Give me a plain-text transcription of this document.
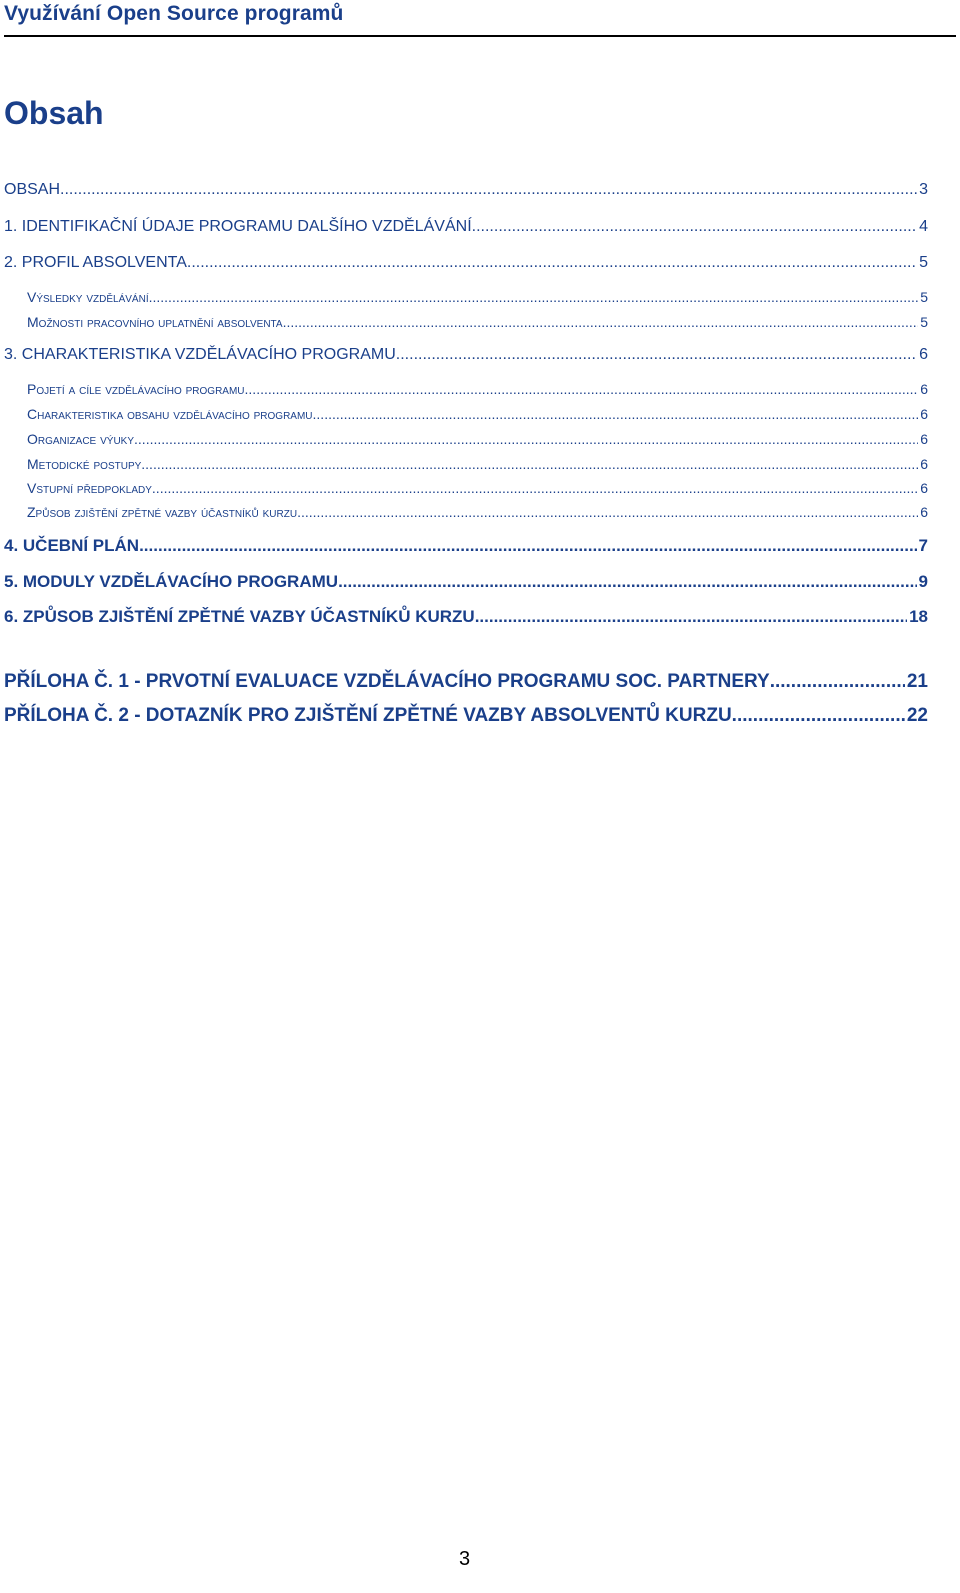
Využívání Open Source programů
Obsah
OBSAH .....	3
1. IDENTIFIKAČNÍ ÚDAJE PROGRAMU DALŠÍHO VZDĚLÁVÁNÍ .....	4
2. PROFIL ABSOLVENTA .....	5
Výsledky vzdělávání .....	5
Možnosti pracovního uplatnění absolventa .....	5
3. CHARAKTERISTIKA VZDĚLÁVACÍHO PROGRAMU .....	6
Pojetí a cíle vzdělávacího programu .....	6
Charakteristika obsahu vzdělávacího programu .....	6
Organizace výuky .....	6
Metodické postupy .....	6
Vstupní předpoklady .....	6
Způsob zjištění zpětné vazby účastníků kurzu .....	6
4. UČEBNÍ PLÁN .....	7
5. MODULY VZDĚLÁVACÍHO PROGRAMU .....	9
6. ZPŮSOB ZJIŠTĚNÍ ZPĚTNÉ VAZBY ÚČASTNÍKŮ KURZU .....	18
PŘÍLOHA Č. 1 - PRVOTNÍ EVALUACE VZDĚLÁVACÍHO PROGRAMU SOC. PARTNERY .....	21
PŘÍLOHA Č. 2 - DOTAZNÍK PRO ZJIŠTĚNÍ ZPĚTNÉ VAZBY ABSOLVENTŮ KURZU .....	22
3
